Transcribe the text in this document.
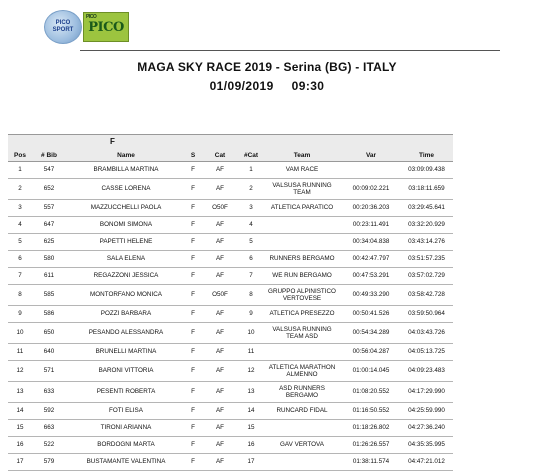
PICO
SPORT
PICO
PICO
MAGA SKY RACE 2019 - Serina (BG) - ITALY
01/09/2019 09:30
F
Pos	# Bib	Name	S	Cat	#Cat	Team	Var	Time
1	547	BRAMBILLA MARTINA	F	AF	1	VAM RACE		03:09:09.438
2	652	CASSE LORENA	F	AF	2	VALSUSA RUNNING TEAM	00:09:02.221	03:18:11.659
3	557	MAZZUCCHELLI PAOLA	F	O50F	3	ATLETICA PARATICO	00:20:36.203	03:29:45.641
4	647	BONOMI SIMONA	F	AF	4		00:23:11.491	03:32:20.929
5	625	PAPETTI HELENE	F	AF	5		00:34:04.838	03:43:14.276
6	580	SALA ELENA	F	AF	6	RUNNERS BERGAMO	00:42:47.797	03:51:57.235
7	611	REGAZZONI JESSICA	F	AF	7	WE RUN BERGAMO	00:47:53.291	03:57:02.729
8	585	MONTORFANO MONICA	F	O50F	8	GRUPPO ALPINISTICO VERTOVESE	00:49:33.290	03:58:42.728
9	586	POZZI BARBARA	F	AF	9	ATLETICA PRESEZZO	00:50:41.526	03:59:50.964
10	650	PESANDO ALESSANDRA	F	AF	10	VALSUSA RUNNING TEAM ASD	00:54:34.289	04:03:43.726
11	640	BRUNELLI MARTINA	F	AF	11		00:56:04.287	04:05:13.725
12	571	BARONI VITTORIA	F	AF	12	ATLETICA MARATHON ALMENNO	01:00:14.045	04:09:23.483
13	633	PESENTI ROBERTA	F	AF	13	ASD RUNNERS BERGAMO	01:08:20.552	04:17:29.990
14	592	FOTI ELISA	F	AF	14	RUNCARD FIDAL	01:16:50.552	04:25:59.990
15	663	TIRONI ARIANNA	F	AF	15		01:18:26.802	04:27:36.240
16	522	BORDOGNI MARTA	F	AF	16	GAV VERTOVA	01:26:26.557	04:35:35.995
17	579	BUSTAMANTE VALENTINA	F	AF	17		01:38:11.574	04:47:21.012
